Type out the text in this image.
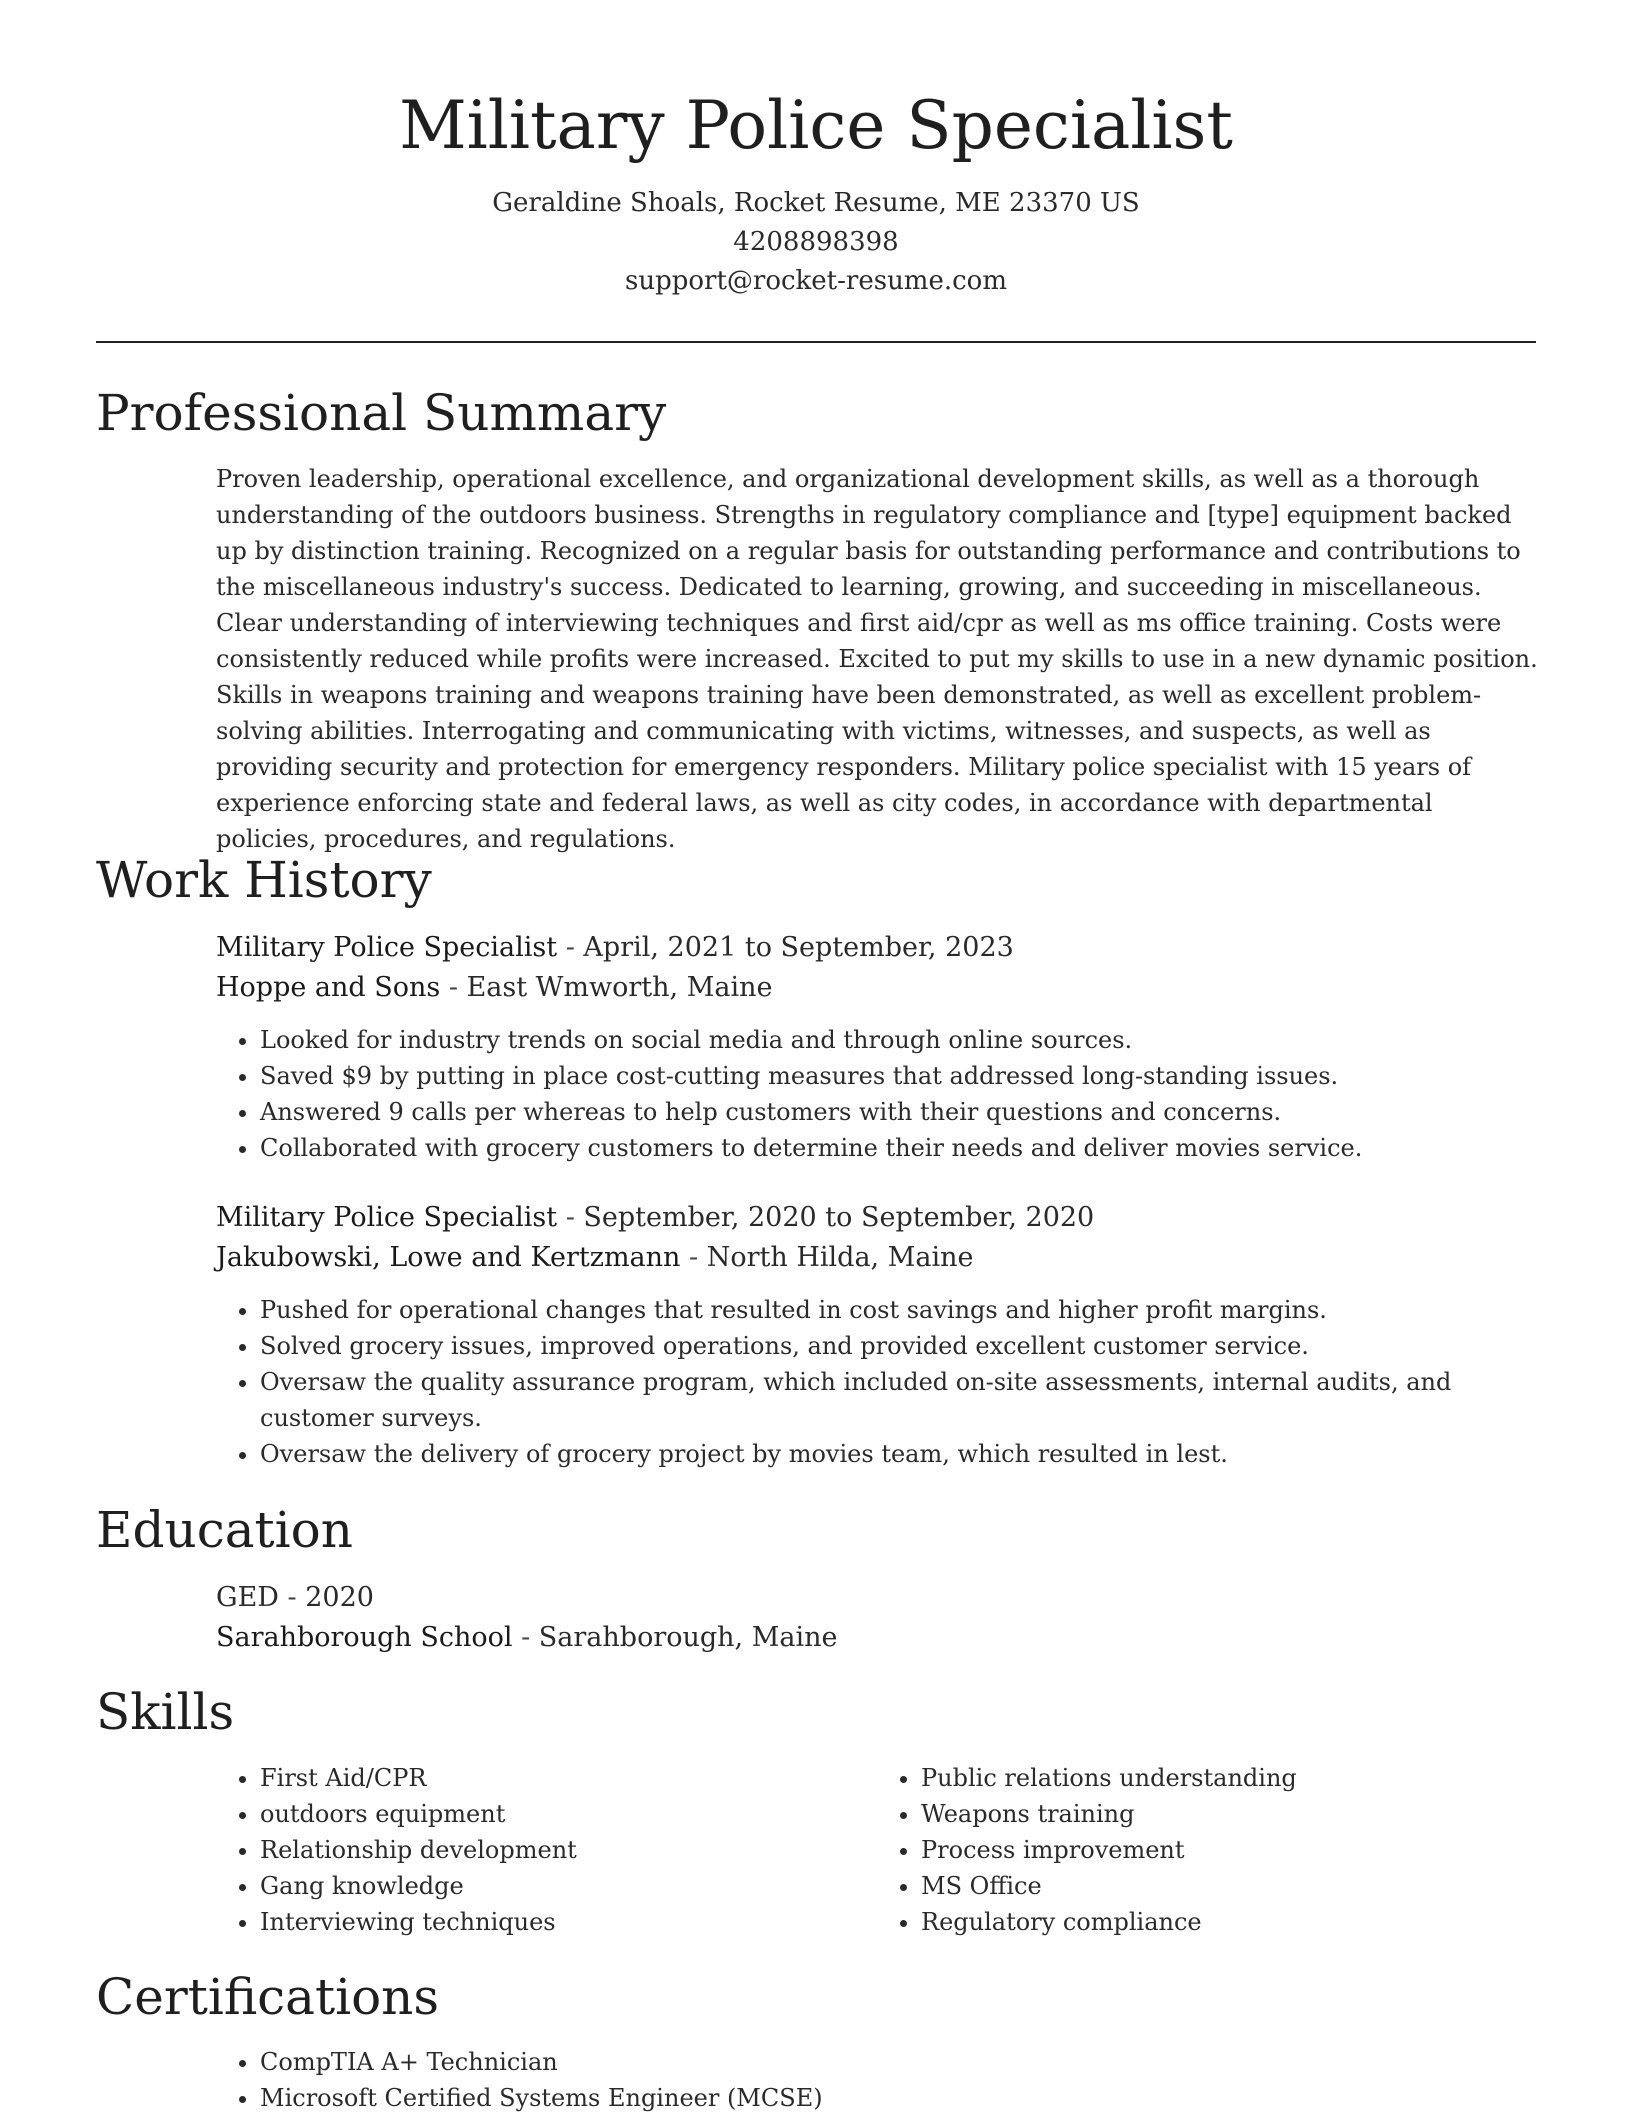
Military Police Specialist
Geraldine Shoals, Rocket Resume, ME 23370 US
4208898398
support@rocket-resume.com
Professional Summary

Proven leadership, operational excellence, and organizational development skills, as well as a thorough understanding of the outdoors business. Strengths in regulatory compliance and [type] equipment backed up by distinction training. Recognized on a regular basis for outstanding performance and contributions to the miscellaneous industry's success. Dedicated to learning, growing, and succeeding in miscellaneous. Clear understanding of interviewing techniques and first aid/cpr as well as ms office training. Costs were consistently reduced while profits were increased. Excited to put my skills to use in a new dynamic position. Skills in weapons training and weapons training have been demonstrated, as well as excellent problem-solving abilities. Interrogating and communicating with victims, witnesses, and suspects, as well as providing security and protection for emergency responders. Military police specialist with 15 years of experience enforcing state and federal laws, as well as city codes, in accordance with departmental policies, procedures, and regulations.

Work History
Military Police Specialist - April, 2021 to September, 2023
Hoppe and Sons - East Wmworth, Maine
• Looked for industry trends on social media and through online sources.
• Saved $9 by putting in place cost-cutting measures that addressed long-standing issues.
• Answered 9 calls per whereas to help customers with their questions and concerns.
• Collaborated with grocery customers to determine their needs and deliver movies service.
Military Police Specialist - September, 2020 to September, 2020
Jakubowski, Lowe and Kertzmann - North Hilda, Maine
• Pushed for operational changes that resulted in cost savings and higher profit margins.
• Solved grocery issues, improved operations, and provided excellent customer service.
• Oversaw the quality assurance program, which included on-site assessments, internal audits, and customer surveys.
• Oversaw the delivery of grocery project by movies team, which resulted in lest.
Education
GED - 2020
Sarahborough School - Sarahborough, Maine
Skills
• First Aid/CPR
• outdoors equipment
• Relationship development
• Gang knowledge
• Interviewing techniques
• Public relations understanding
• Weapons training
• Process improvement
• MS Office
• Regulatory compliance
Certifications
• CompTIA A+ Technician
• Microsoft Certified Systems Engineer (MCSE)
